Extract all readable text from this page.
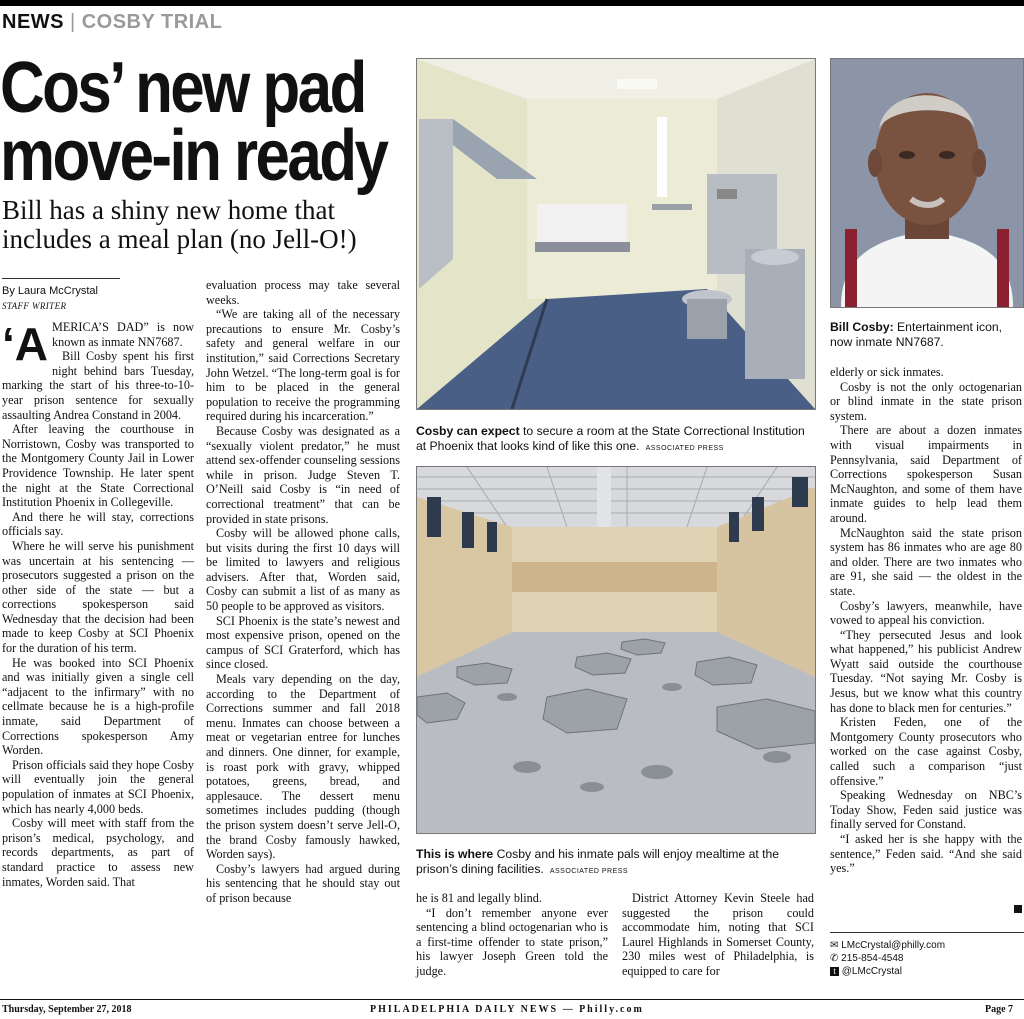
NEWS | COSBY TRIAL
Cos’ new pad
move-in ready
Bill has a shiny new home that
includes a meal plan (no Jell-O!)
By Laura McCrystal
STAFF WRITER

‘AMERICA’S DAD” is now known as inmate NN7687.

Bill Cosby spent his first night behind bars Tuesday, marking the start of his three-to-10-year prison sentence for sexually assaulting Andrea Constand in 2004.

After leaving the courthouse in Norristown, Cosby was transported to the Montgomery County Jail in Lower Providence Township. He later spent the night at the State Correctional Institution Phoenix in Collegeville.

And there he will stay, corrections officials say.

Where he will serve his punishment was uncertain at his sentencing — prosecutors suggested a prison on the other side of the state — but a corrections spokesperson said Wednesday that the decision had been made to keep Cosby at SCI Phoenix for the duration of his term.

He was booked into SCI Phoenix and was initially given a single cell “adjacent to the infirmary” with no cellmate because he is a high-profile inmate, said Department of Corrections spokesperson Amy Worden.

Prison officials said they hope Cosby will eventually join the general population of inmates at SCI Phoenix, which has nearly 4,000 beds.

Cosby will meet with staff from the prison’s medical, psychology, and records departments, as part of standard practice to assess new inmates, Worden said. That

evaluation process may take several weeks.

“We are taking all of the necessary precautions to ensure Mr. Cosby’s safety and general welfare in our institution,” said Corrections Secretary John Wetzel. “The long-term goal is for him to be placed in the general population to receive the programming required during his incarceration.”

Because Cosby was designated as a “sexually violent predator,” he must attend sex-offender counseling sessions while in prison. Judge Steven T. O’Neill said Cosby is “in need of correctional treatment” that can be provided in state prisons.

Cosby will be allowed phone calls, but visits during the first 10 days will be limited to lawyers and religious advisers. After that, Worden said, Cosby can submit a list of as many as 50 people to be approved as visitors.

SCI Phoenix is the state’s newest and most expensive prison, opened on the campus of SCI Graterford, which has since closed.

Meals vary depending on the day, according to the Department of Corrections summer and fall 2018 menu. Inmates can choose between a meat or vegetarian entree for lunches and dinners. One dinner, for example, is roast pork with gravy, whipped potatoes, greens, bread, and applesauce. The dessert menu sometimes includes pudding (though the prison system doesn’t serve Jell-O, the brand Cosby famously hawked, Worden says).

Cosby’s lawyers had argued during his sentencing that he should stay out of prison because

Cosby can expect to secure a room at the State Correctional Institution at Phoenix that looks kind of like this one. ASSOCIATED PRESS
Bill Cosby: Entertainment icon, now inmate NN7687.
This is where Cosby and his inmate pals will enjoy mealtime at the prison’s dining facilities. ASSOCIATED PRESS

he is 81 and legally blind.

“I don’t remember anyone ever sentencing a blind octogenarian who is a first-time offender to state prison,” his lawyer Joseph Green told the judge.

District Attorney Kevin Steele had suggested the prison could accommodate him, noting that SCI Laurel Highlands in Somerset County, 230 miles west of Philadelphia, is equipped to care for

elderly or sick inmates.

Cosby is not the only octogenarian or blind inmate in the state prison system.

There are about a dozen inmates with visual impairments in Pennsylvania, said Department of Corrections spokesperson Susan McNaughton, and some of them have inmate guides to help lead them around.

McNaughton said the state prison system has 86 inmates who are age 80 and older. There are two inmates who are 91, she said — the oldest in the state.

Cosby’s lawyers, meanwhile, have vowed to appeal his conviction.

“They persecuted Jesus and look what happened,” his publicist Andrew Wyatt said outside the courthouse Tuesday. “Not saying Mr. Cosby is Jesus, but we know what this country has done to black men for centuries.”

Kristen Feden, one of the Montgomery County prosecutors who worked on the case against Cosby, called such a comparison “just offensive.”

Speaking Wednesday on NBC’s Today Show, Feden said justice was finally served for Constand.

“I asked her is she happy with the sentence,” Feden said. “And she said yes.”

✉ LMcCrystal@philly.com
✆ 215-854-4548
t @LMcCrystal
Thursday, September 27, 2018	PHILADELPHIA DAILY NEWS — Philly.com	Page 7
